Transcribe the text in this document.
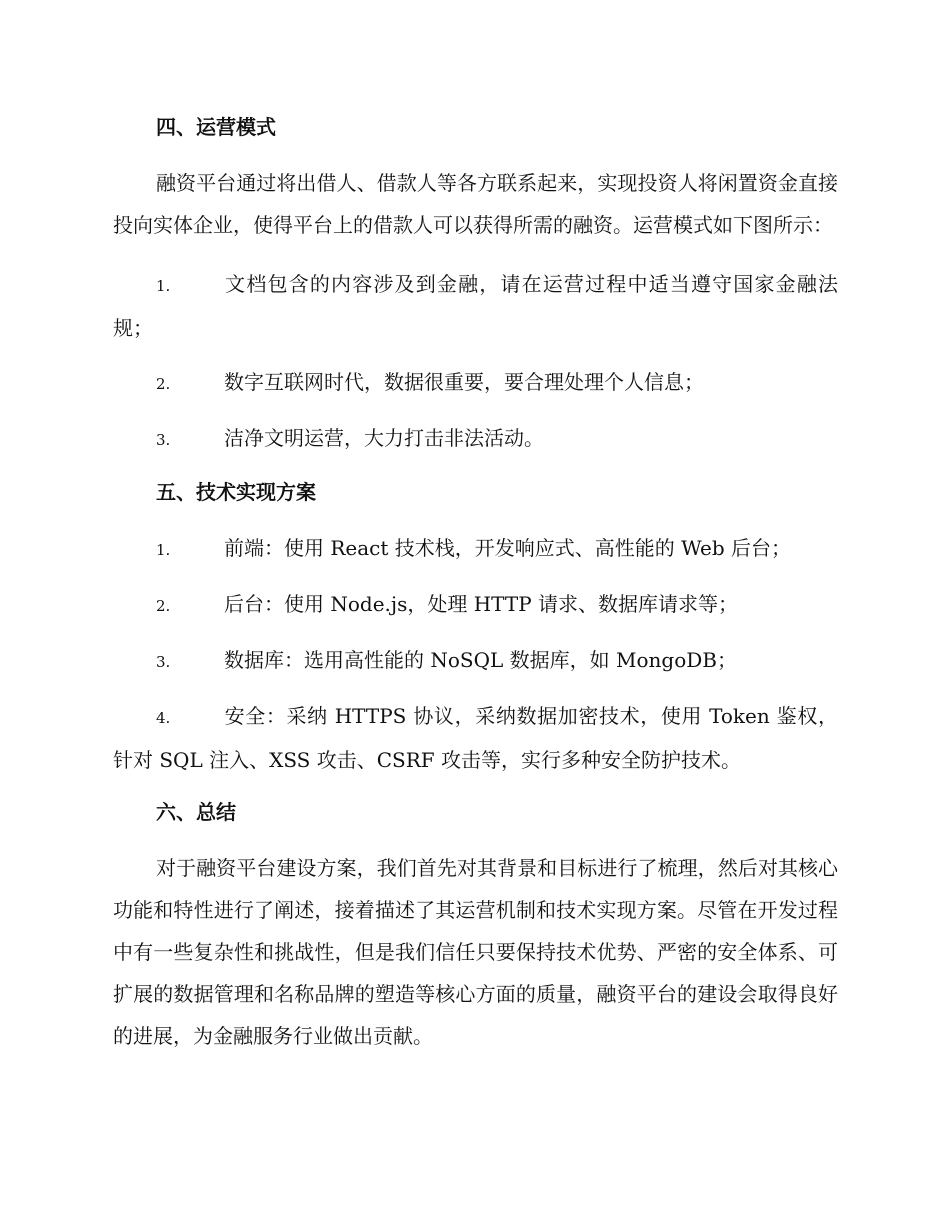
四、运营模式
融资平台通过将出借人、借款人等各方联系起来，实现投资人将闲置资金直接投向实体企业，使得平台上的借款人可以获得所需的融资。运营模式如下图所示：
1.	文档包含的内容涉及到金融，请在运营过程中适当遵守国家金融法规；
2.	数字互联网时代，数据很重要，要合理处理个人信息；
3.	洁净文明运营，大力打击非法活动。
五、技术实现方案
1.	前端：使用 React 技术栈，开发响应式、高性能的 Web 后台；
2.	后台：使用 Node.js，处理 HTTP 请求、数据库请求等；
3.	数据库：选用高性能的 NoSQL 数据库，如 MongoDB；
4.	安全：采纳 HTTPS 协议，采纳数据加密技术，使用 Token 鉴权，针对 SQL 注入、XSS 攻击、CSRF 攻击等，实行多种安全防护技术。
六、总结
对于融资平台建设方案，我们首先对其背景和目标进行了梳理，然后对其核心功能和特性进行了阐述，接着描述了其运营机制和技术实现方案。尽管在开发过程中有一些复杂性和挑战性，但是我们信任只要保持技术优势、严密的安全体系、可扩展的数据管理和名称品牌的塑造等核心方面的质量，融资平台的建设会取得良好的进展，为金融服务行业做出贡献。
